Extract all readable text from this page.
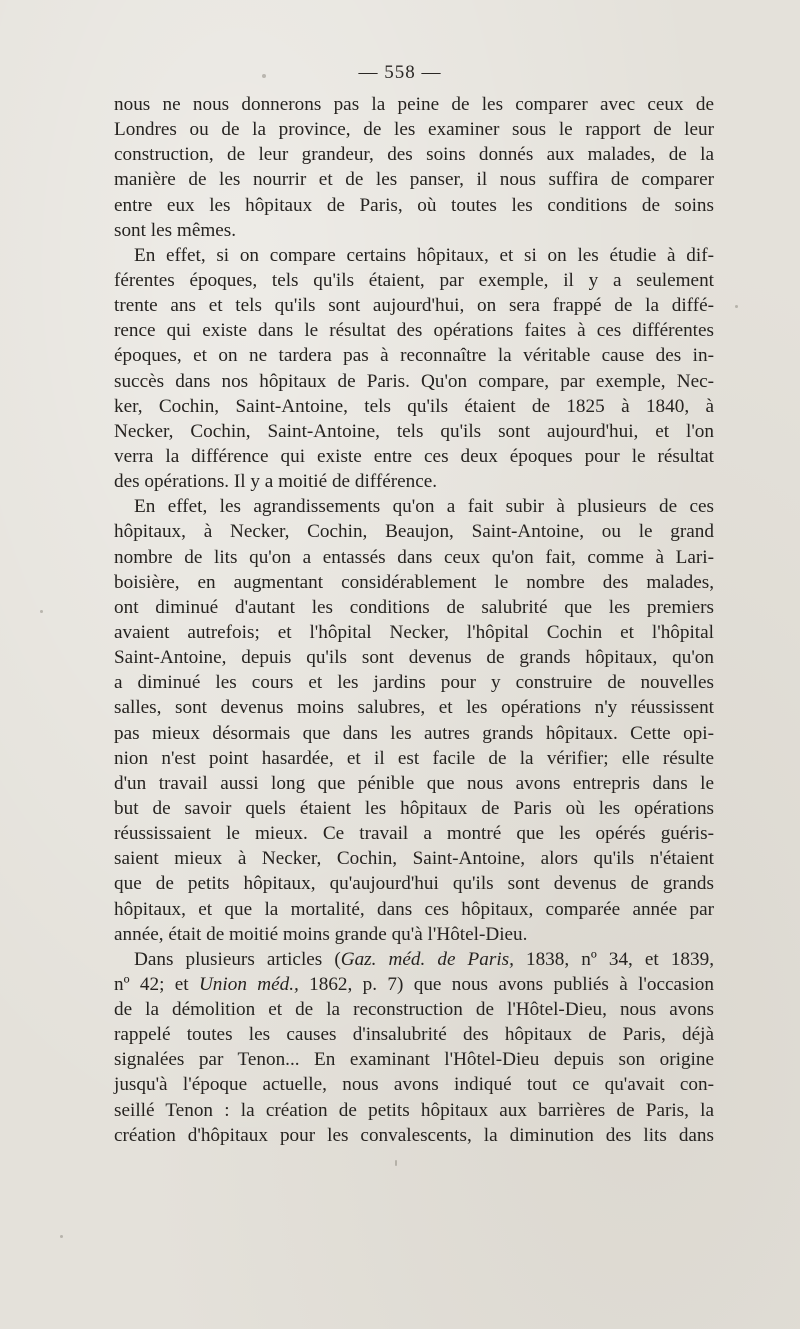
— 558 —
nous ne nous donnerons pas la peine de les comparer avec ceux de
Londres ou de la province, de les examiner sous le rapport de leur
construction, de leur grandeur, des soins donnés aux malades, de la
manière de les nourrir et de les panser, il nous suffira de comparer
entre eux les hôpitaux de Paris, où toutes les conditions de soins
sont les mêmes.
En effet, si on compare certains hôpitaux, et si on les étudie à dif-
férentes époques, tels qu'ils étaient, par exemple, il y a seulement
trente ans et tels qu'ils sont aujourd'hui, on sera frappé de la diffé-
rence qui existe dans le résultat des opérations faites à ces différentes
époques, et on ne tardera pas à reconnaître la véritable cause des in-
succès dans nos hôpitaux de Paris. Qu'on compare, par exemple, Nec-
ker, Cochin, Saint-Antoine, tels qu'ils étaient de 1825 à 1840, à
Necker, Cochin, Saint-Antoine, tels qu'ils sont aujourd'hui, et l'on
verra la différence qui existe entre ces deux époques pour le résultat
des opérations. Il y a moitié de différence.
En effet, les agrandissements qu'on a fait subir à plusieurs de ces
hôpitaux, à Necker, Cochin, Beaujon, Saint-Antoine, ou le grand
nombre de lits qu'on a entassés dans ceux qu'on fait, comme à Lari-
boisière, en augmentant considérablement le nombre des malades,
ont diminué d'autant les conditions de salubrité que les premiers
avaient autrefois; et l'hôpital Necker, l'hôpital Cochin et l'hôpital
Saint-Antoine, depuis qu'ils sont devenus de grands hôpitaux, qu'on
a diminué les cours et les jardins pour y construire de nouvelles
salles, sont devenus moins salubres, et les opérations n'y réussissent
pas mieux désormais que dans les autres grands hôpitaux. Cette opi-
nion n'est point hasardée, et il est facile de la vérifier; elle résulte
d'un travail aussi long que pénible que nous avons entrepris dans le
but de savoir quels étaient les hôpitaux de Paris où les opérations
réussissaient le mieux. Ce travail a montré que les opérés guéris-
saient mieux à Necker, Cochin, Saint-Antoine, alors qu'ils n'étaient
que de petits hôpitaux, qu'aujourd'hui qu'ils sont devenus de grands
hôpitaux, et que la mortalité, dans ces hôpitaux, comparée année par
année, était de moitié moins grande qu'à l'Hôtel-Dieu.
Dans plusieurs articles (Gaz. méd. de Paris, 1838, nº 34, et 1839,
nº 42; et Union méd., 1862, p. 7) que nous avons publiés à l'occasion
de la démolition et de la reconstruction de l'Hôtel-Dieu, nous avons
rappelé toutes les causes d'insalubrité des hôpitaux de Paris, déjà
signalées par Tenon... En examinant l'Hôtel-Dieu depuis son origine
jusqu'à l'époque actuelle, nous avons indiqué tout ce qu'avait con-
seillé Tenon : la création de petits hôpitaux aux barrières de Paris, la
création d'hôpitaux pour les convalescents, la diminution des lits dans
